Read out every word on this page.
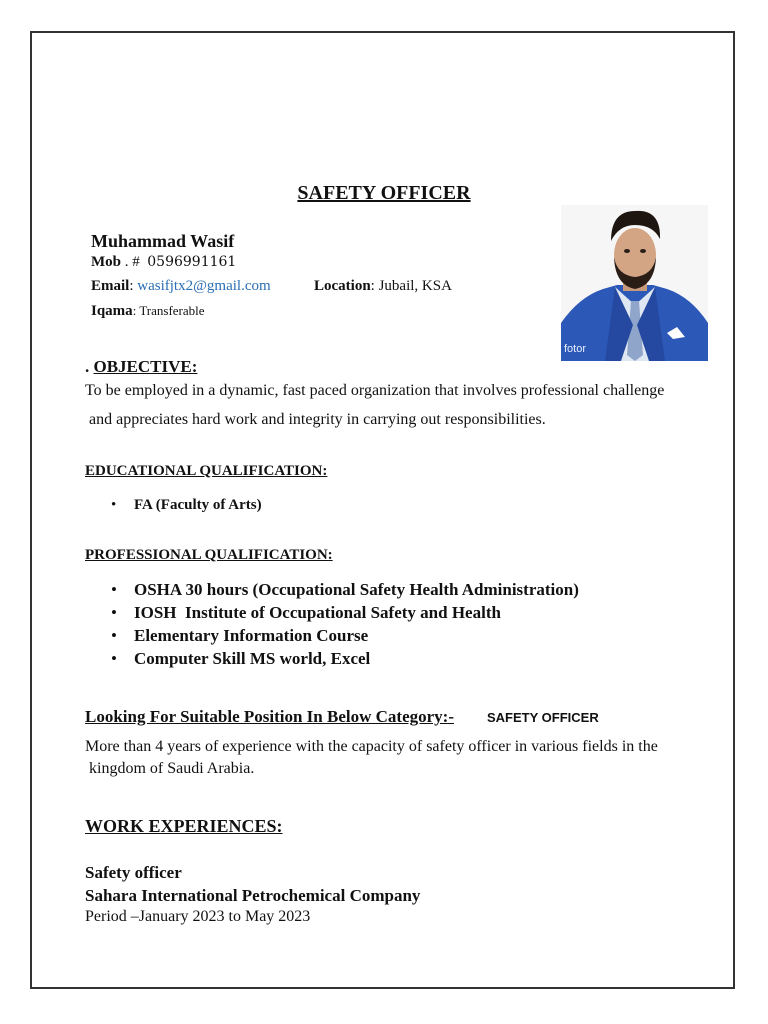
SAFETY OFFICER
Muhammad Wasif
Mob . #  0596991161
Email: wasifjtx2@gmail.com	Location: Jubail, KSA
Iqama: Transferable
fotor
. OBJECTIVE:
To be employed in a dynamic, fast paced organization that involves professional challenge
and appreciates hard work and integrity in carrying out responsibilities.
EDUCATIONAL QUALIFICATION:
• FA (Faculty of Arts)
PROFESSIONAL QUALIFICATION:
• OSHA 30 hours (Occupational Safety Health Administration)
• IOSH  Institute of Occupational Safety and Health
• Elementary Information Course
• Computer Skill MS world, Excel
Looking For Suitable Position In Below Category:-	SAFETY OFFICER
More than 4 years of experience with the capacity of safety officer in various fields in the
kingdom of Saudi Arabia.
WORK EXPERIENCES:
Safety officer
Sahara International Petrochemical Company
Period –January 2023 to May 2023
